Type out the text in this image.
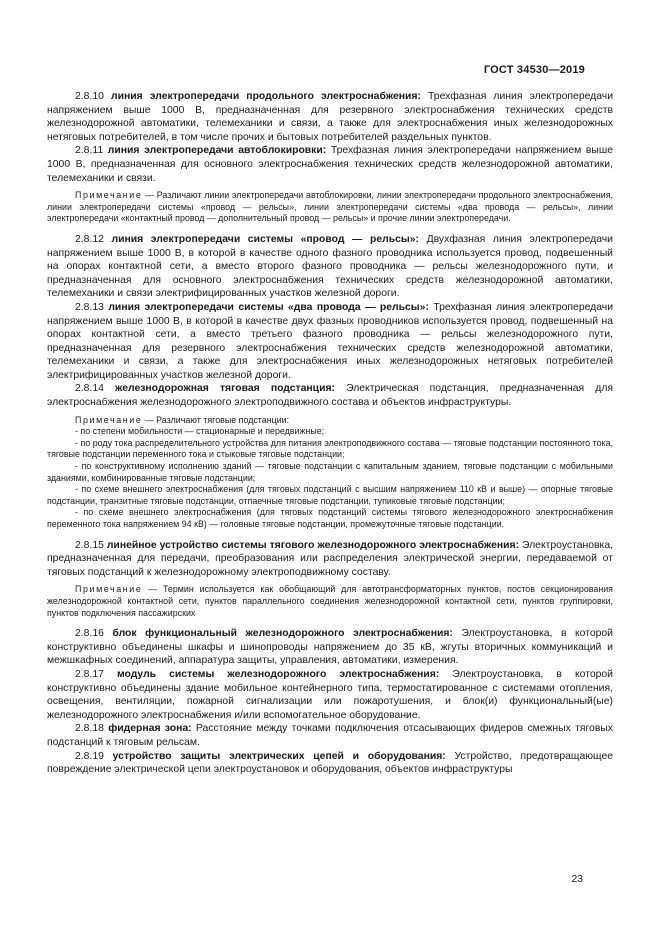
ГОСТ 34530—2019

2.8.10 линия электропередачи продольного электроснабжения: Трехфазная линия электропередачи напряжением выше 1000 В, предназначенная для резервного электроснабжения технических средств железнодорожной автоматики, телемеханики и связи, а также для электроснабжения иных железнодорожных нетяговых потребителей, в том числе прочих и бытовых потребителей раздельных пунктов.

2.8.11 линия электропередачи автоблокировки: Трехфазная линия электропередачи напряжением выше 1000 В, предназначенная для основного электроснабжения технических средств железнодорожной автоматики, телемеханики и связи.

Примечание — Различают линии электропередачи автоблокировки, линии электропередачи продольного электроснабжения, линии электропередачи системы «провод — рельсы», линии электропередачи системы «два провода — рельсы», линии электропередачи «контактный провод — дополнительный провод — рельсы» и прочие линии электропередачи.

2.8.12 линия электропередачи системы «провод — рельсы»: Двухфазная линия электропередачи напряжением выше 1000 В, в которой в качестве одного фазного проводника используется провод, подвешенный на опорах контактной сети, а вместо второго фазного проводника — рельсы железнодорожного пути, и предназначенная для основного электроснабжения технических средств железнодорожной автоматики, телемеханики и связи электрифицированных участков железной дороги.

2.8.13 линия электропередачи системы «два провода — рельсы»: Трехфазная линия электропередачи напряжением выше 1000 В, в которой в качестве двух фазных проводников используется провод, подвешенный на опорах контактной сети, а вместо третьего фазного проводника — рельсы железнодорожного пути, предназначенная для резервного электроснабжения технических средств железнодорожной автоматики, телемеханики и связи, а также для электроснабжения иных железнодорожных нетяговых потребителей электрифицированных участков железной дороги.

2.8.14 железнодорожная тяговая подстанция: Электрическая подстанция, предназначенная для электроснабжения железнодорожного электроподвижного состава и объектов инфраструктуры.

Примечание — Различают тяговые подстанции:

- по степени мобильности — стационарные и передвижные;

- по роду тока распределительного устройства для питания электроподвижного состава — тяговые подстанции постоянного тока, тяговые подстанции переменного тока и стыковые тяговые подстанции;

- по конструктивному исполнению зданий — тяговые подстанции с капитальным зданием, тяговые подстанции с мобильными зданиями, комбинированные тяговые подстанции;

- по схеме внешнего электроснабжения (для тяговых подстанций с высшим напряжением 110 кВ и выше) — опорные тяговые подстанции, транзитные тяговые подстанции, отпаечные тяговые подстанции, тупиковые тяговые подстанции;

- по схеме внешнего электроснабжения (для тяговых подстанций системы тягового железнодорожного электроснабжения переменного тока напряжением 94 кВ) — головные тяговые подстанции, промежуточные тяговые подстанции.

2.8.15 линейное устройство системы тягового железнодорожного электроснабжения: Электроустановка, предназначенная для передачи, преобразования или распределения электрической энергии, передаваемой от тяговых подстанций к железнодорожному электроподвижному составу.

Примечание — Термин используется как обобщающий для автотрансформаторных пунктов, постов секционирования железнодорожной контактной сети, пунктов параллельного соединения железнодорожной контактной сети, пунктов группировки, пунктов подключения пассажирских

2.8.16 блок функциональный железнодорожного электроснабжения: Электроустановка, в которой конструктивно объединены шкафы и шинопроводы напряжением до 35 кВ, жгуты вторичных коммуникаций и межшкафных соединений, аппаратура защиты, управления, автоматики, измерения.

2.8.17 модуль системы железнодорожного электроснабжения: Электроустановка, в которой конструктивно объединены здание мобильное контейнерного типа, термостатированное с системами отопления, освещения, вентиляции, пожарной сигнализации или пожаротушения, и блок(и) функциональный(ые) железнодорожного электроснабжения и/или вспомогательное оборудование.

2.8.18 фидерная зона: Расстояние между точками подключения отсасывающих фидеров смежных тяговых подстанций к тяговым рельсам.

2.8.19 устройство защиты электрических цепей и оборудования: Устройство, предотвращающее повреждение электрической цепи электроустановок и оборудования, объектов инфраструктуры

23
